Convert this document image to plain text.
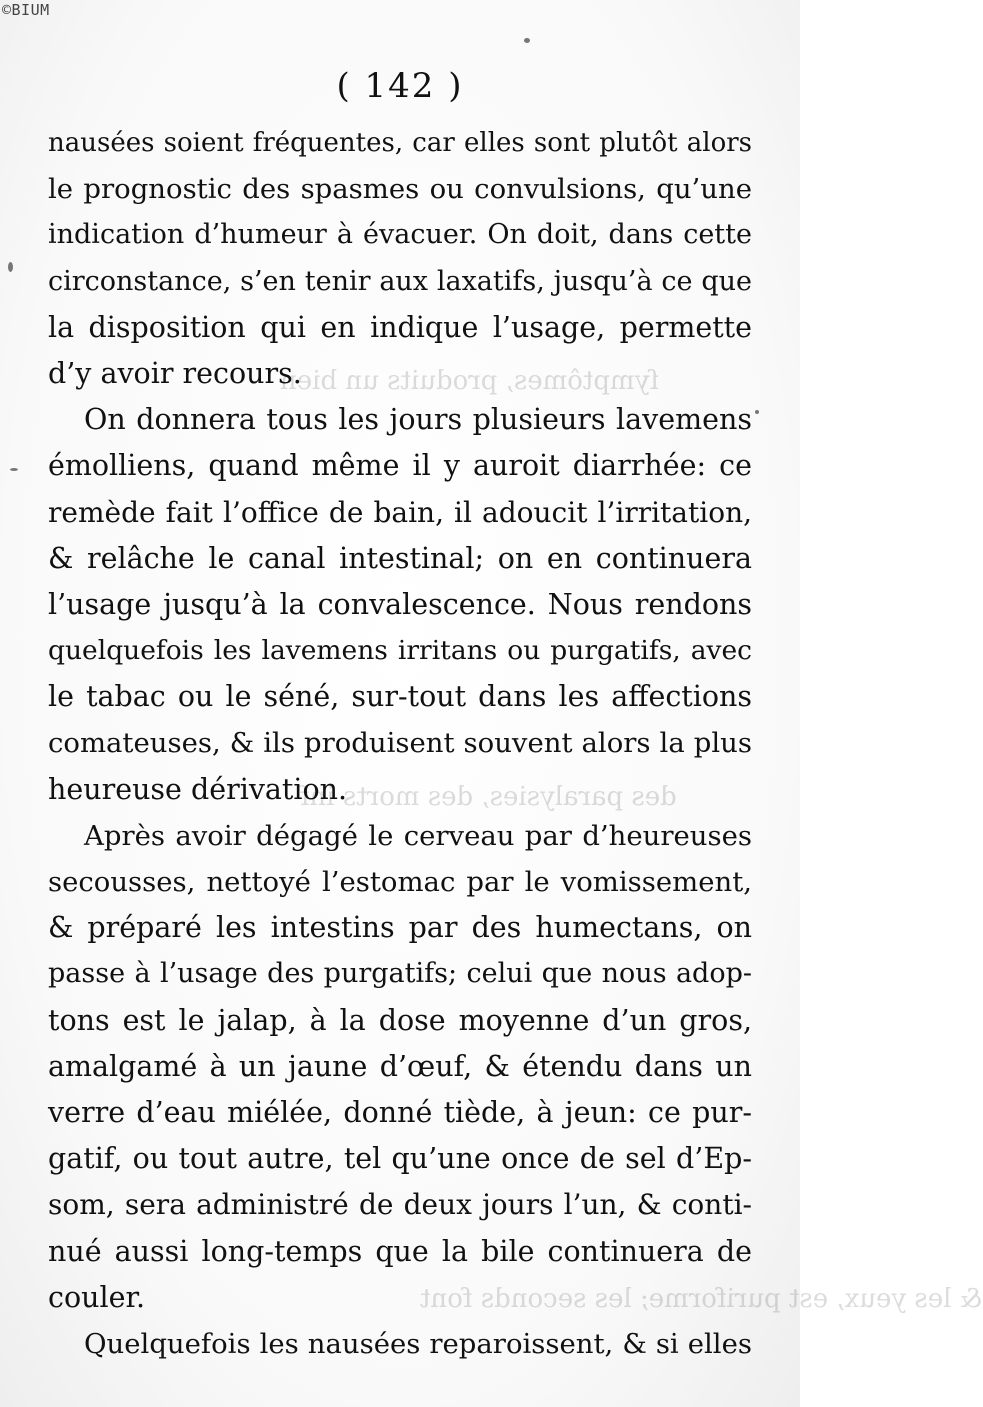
ſymptômes, produits un bien
des paralysies, des morts inf
& les yeux, est puriforme; les seconds font
©BIUM
( 142 )
nausées soient fréquentes, car elles sont plutôt alors
le prognostic des spasmes ou convulsions, qu’une
indication d’humeur à évacuer. On doit, dans cette
circonstance, s’en tenir aux laxatifs, jusqu’à ce que
la disposition qui en indique l’usage, permette
d’y avoir recours.
On donnera tous les jours plusieurs lavemens
émolliens, quand même il y auroit diarrhée: ce
remède fait l’office de bain, il adoucit l’irritation,
& relâche le canal intestinal; on en continuera
l’usage jusqu’à la convalescence. Nous rendons
quelquefois les lavemens irritans ou purgatifs, avec
le tabac ou le séné, sur-tout dans les affections
comateuses, & ils produisent souvent alors la plus
heureuse dérivation.
Après avoir dégagé le cerveau par d’heureuses
secousses, nettoyé l’estomac par le vomissement,
& préparé les intestins par des humectans, on
passe à l’usage des purgatifs; celui que nous adop-
tons est le jalap, à la dose moyenne d’un gros,
amalgamé à un jaune d’œuf, & étendu dans un
verre d’eau miélée, donné tiède, à jeun: ce pur-
gatif, ou tout autre, tel qu’une once de sel d’Ep-
som, sera administré de deux jours l’un, & conti-
nué aussi long-temps que la bile continuera de
couler.
Quelquefois les nausées reparoissent, & si elles
